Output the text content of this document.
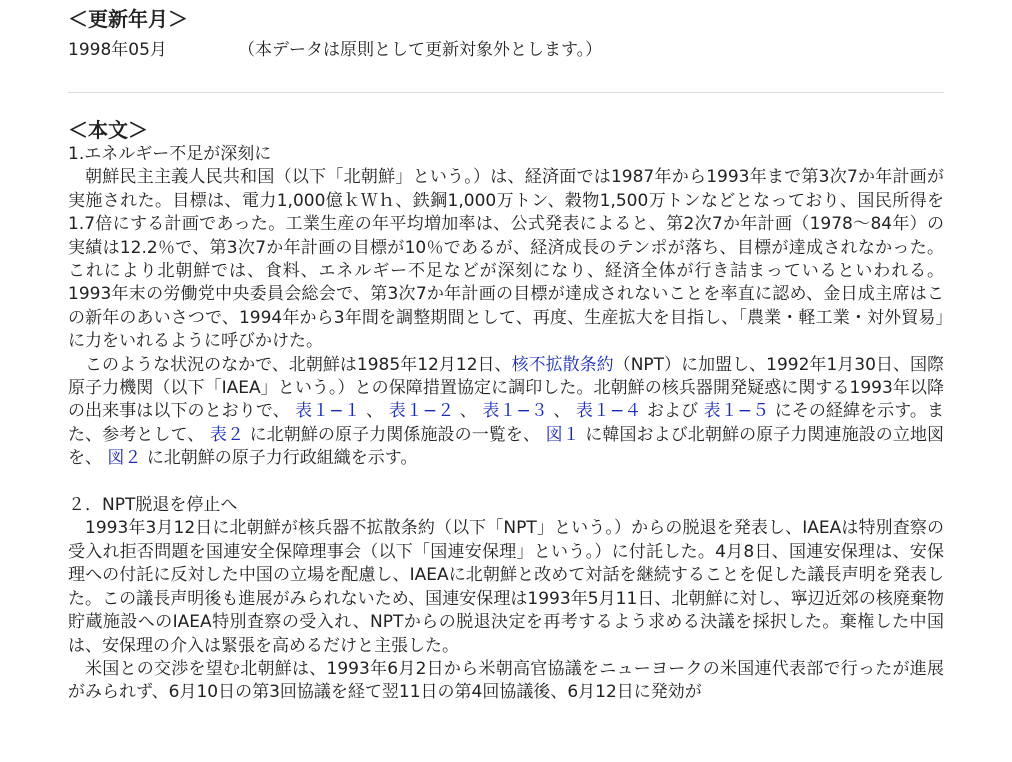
＜更新年月＞
1998年05月	（本データは原則として更新対象外とします。）
＜本文＞
1.エネルギー不足が深刻に

朝鮮民主主義人民共和国（以下「北朝鮮」という。）は、経済面では1987年から1993年まで第3次7か年計画が実施された。目標は、電力1,000億ｋＷｈ、鉄鋼1,000万トン、穀物1,500万トンなどとなっており、国民所得を1.7倍にする計画であった。工業生産の年平均増加率は、公式発表によると、第2次7か年計画（1978〜84年）の実績は12.2％で、第3次7か年計画の目標が10％であるが、経済成長のテンポが落ち、目標が達成されなかった。これにより北朝鮮では、食料、エネルギー不足などが深刻になり、経済全体が行き詰まっているといわれる。1993年末の労働党中央委員会総会で、第3次7か年計画の目標が達成されないことを率直に認め、金日成主席はこの新年のあいさつで、1994年から3年間を調整期間として、再度、生産拡大を目指し、「農業・軽工業・対外貿易」に力をいれるように呼びかけた。

このような状況のなかで、北朝鮮は1985年12月12日、核不拡散条約（NPT）に加盟し、1992年1月30日、国際原子力機関（以下「IAEA」という。）との保障措置協定に調印した。北朝鮮の核兵器開発疑惑に関する1993年以降の出来事は以下のとおりで、 表１−１ 、 表１−２ 、 表１−３ 、 表１−４ および 表１−５ にその経緯を示す。また、参考として、 表２ に北朝鮮の原子力関係施設の一覧を、 図１ に韓国および北朝鮮の原子力関連施設の立地図を、 図２ に北朝鮮の原子力行政組織を示す。

２．NPT脱退を停止へ

1993年3月12日に北朝鮮が核兵器不拡散条約（以下「NPT」という。）からの脱退を発表し、IAEAは特別査察の受入れ拒否問題を国連安全保障理事会（以下「国連安保理」という。）に付託した。4月8日、国連安保理は、安保理への付託に反対した中国の立場を配慮し、IAEAに北朝鮮と改めて対話を継続することを促した議長声明を発表した。この議長声明後も進展がみられないため、国連安保理は1993年5月11日、北朝鮮に対し、寧辺近郊の核廃棄物貯蔵施設へのIAEA特別査察の受入れ、NPTからの脱退決定を再考するよう求める決議を採択した。棄権した中国は、安保理の介入は緊張を高めるだけと主張した。

米国との交渉を望む北朝鮮は、1993年6月2日から米朝高官協議をニューヨークの米国連代表部で行ったが進展がみられず、6月10日の第3回協議を経て翌11日の第4回協議後、6月12日に発効が
